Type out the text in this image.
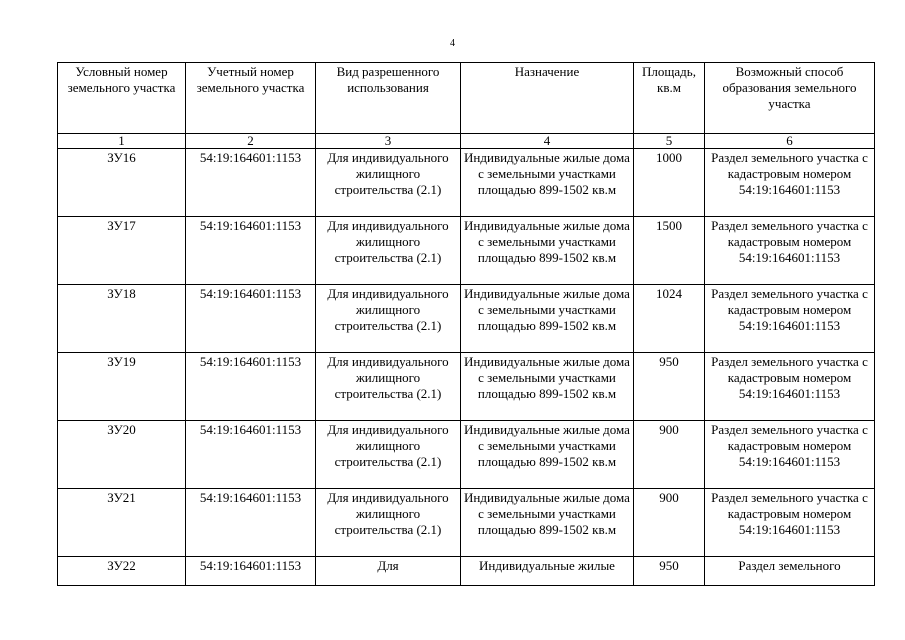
4
Условный номер земельного участка	Учетный номер земельного участка	Вид разрешенного использования	Назначение	Площадь, кв.м	Возможный способ образования земельного участка
1	2	3	4	5	6
ЗУ16	54:19:164601:1153	Для индивидуального жилищного строительства (2.1)	Индивидуальные жилые дома с земельными участками площадью 899-1502 кв.м	1000	Раздел земельного участка с кадастровым номером 54:19:164601:1153
ЗУ17	54:19:164601:1153	Для индивидуального жилищного строительства (2.1)	Индивидуальные жилые дома с земельными участками площадью 899-1502 кв.м	1500	Раздел земельного участка с кадастровым номером 54:19:164601:1153
ЗУ18	54:19:164601:1153	Для индивидуального жилищного строительства (2.1)	Индивидуальные жилые дома с земельными участками площадью 899-1502 кв.м	1024	Раздел земельного участка с кадастровым номером 54:19:164601:1153
ЗУ19	54:19:164601:1153	Для индивидуального жилищного строительства (2.1)	Индивидуальные жилые дома с земельными участками площадью 899-1502 кв.м	950	Раздел земельного участка с кадастровым номером 54:19:164601:1153
ЗУ20	54:19:164601:1153	Для индивидуального жилищного строительства (2.1)	Индивидуальные жилые дома с земельными участками площадью 899-1502 кв.м	900	Раздел земельного участка с кадастровым номером 54:19:164601:1153
ЗУ21	54:19:164601:1153	Для индивидуального жилищного строительства (2.1)	Индивидуальные жилые дома с земельными участками площадью 899-1502 кв.м	900	Раздел земельного участка с кадастровым номером 54:19:164601:1153
ЗУ22	54:19:164601:1153	Для	Индивидуальные жилые	950	Раздел земельного
